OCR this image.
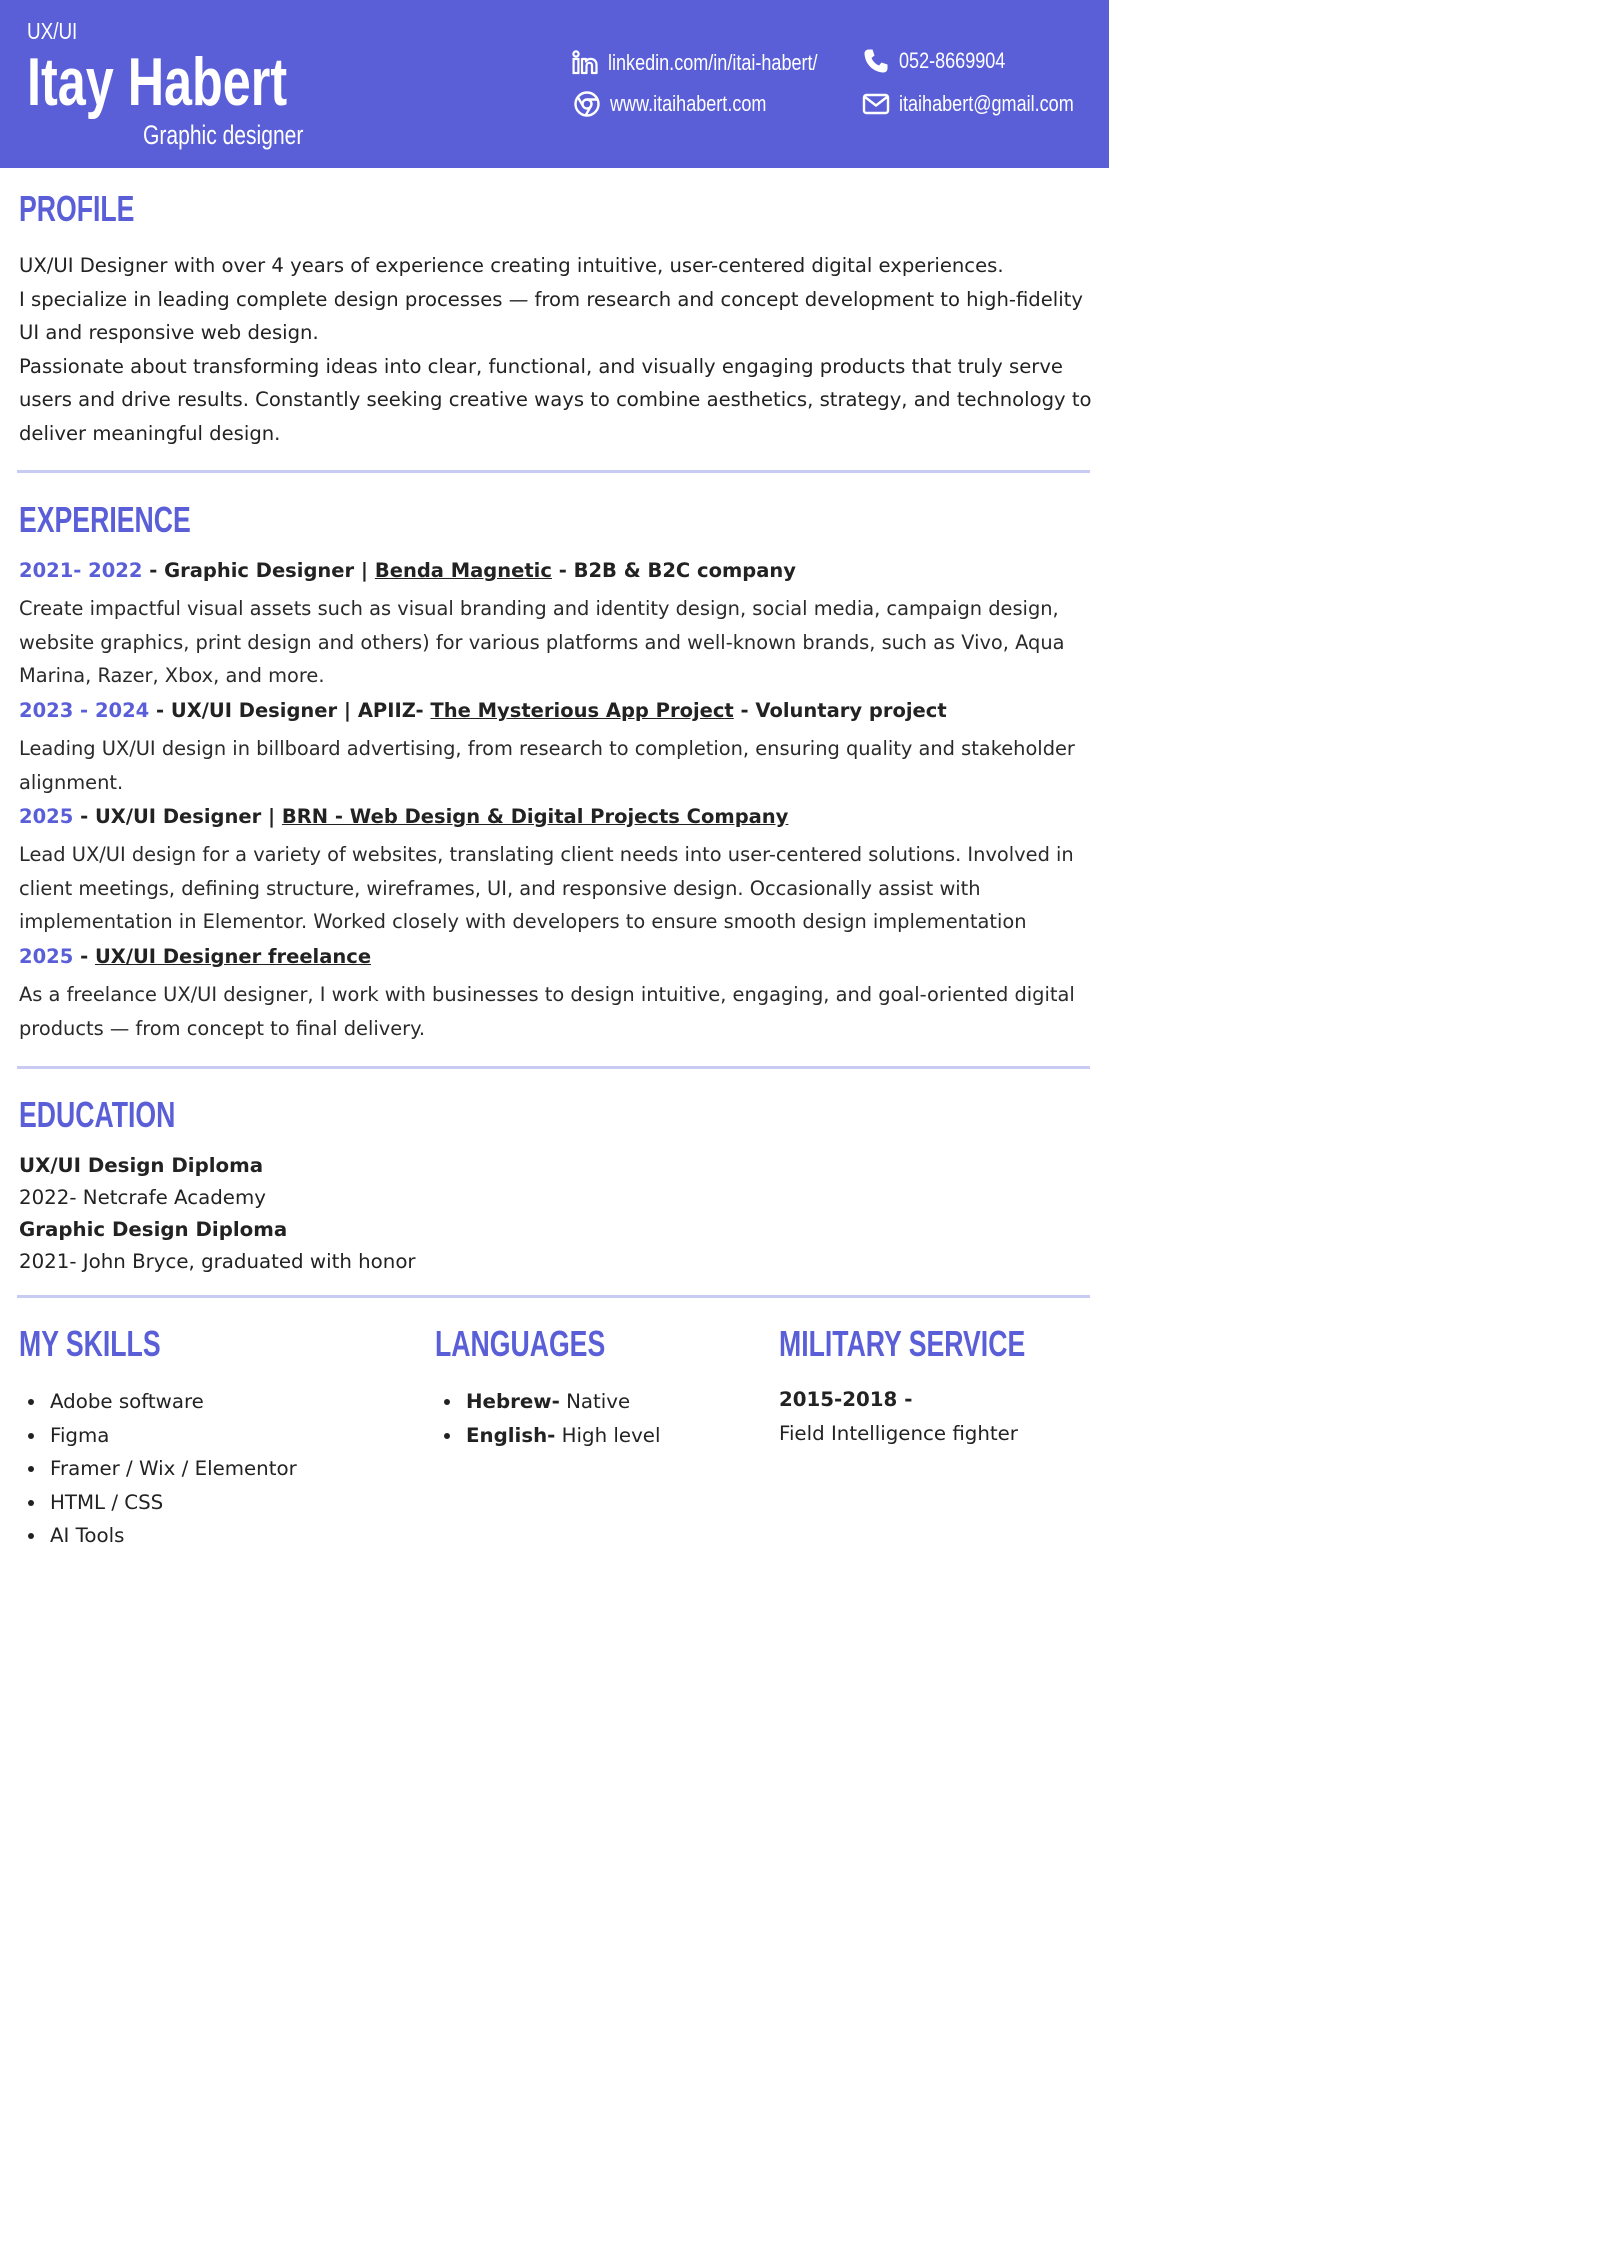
UX/UI
Itay Habert
Graphic designer
linkedin.com/in/itai-habert/
www.itaihabert.com
052-8669904
itaihabert@gmail.com
PROFILE
UX/UI Designer with over 4 years of experience creating intuitive, user-centered digital experiences.
I specialize in leading complete design processes — from research and concept development to high-fidelity
UI and responsive web design.
Passionate about transforming ideas into clear, functional, and visually engaging products that truly serve
users and drive results. Constantly seeking creative ways to combine aesthetics, strategy, and technology to
deliver meaningful design.
EXPERIENCE
2021- 2022 - Graphic Designer | Benda Magnetic - B2B & B2C company
Create impactful visual assets such as visual branding and identity design, social media, campaign design,
website graphics, print design and others) for various platforms and well-known brands, such as Vivo, Aqua
Marina, Razer, Xbox, and more.
2023 - 2024 - UX/UI Designer | APIIZ- The Mysterious App Project - Voluntary project
Leading UX/UI design in billboard advertising, from research to completion, ensuring quality and stakeholder
alignment.
2025 - UX/UI Designer | BRN - Web Design & Digital Projects Company
Lead UX/UI design for a variety of websites, translating client needs into user-centered solutions. Involved in
client meetings, defining structure, wireframes, UI, and responsive design. Occasionally assist with
implementation in Elementor. Worked closely with developers to ensure smooth design implementation
2025 - UX/UI Designer freelance
As a freelance UX/UI designer, I work with businesses to design intuitive, engaging, and goal-oriented digital
products — from concept to final delivery.
EDUCATION
UX/UI Design Diploma
2022- Netcrafe Academy
Graphic Design Diploma
2021- John Bryce, graduated with honor
MY SKILLS
Adobe software
Figma
Framer / Wix / Elementor
HTML / CSS
AI Tools
LANGUAGES
Hebrew- Native
English- High level
MILITARY SERVICE
2015-2018 -
Field Intelligence fighter
